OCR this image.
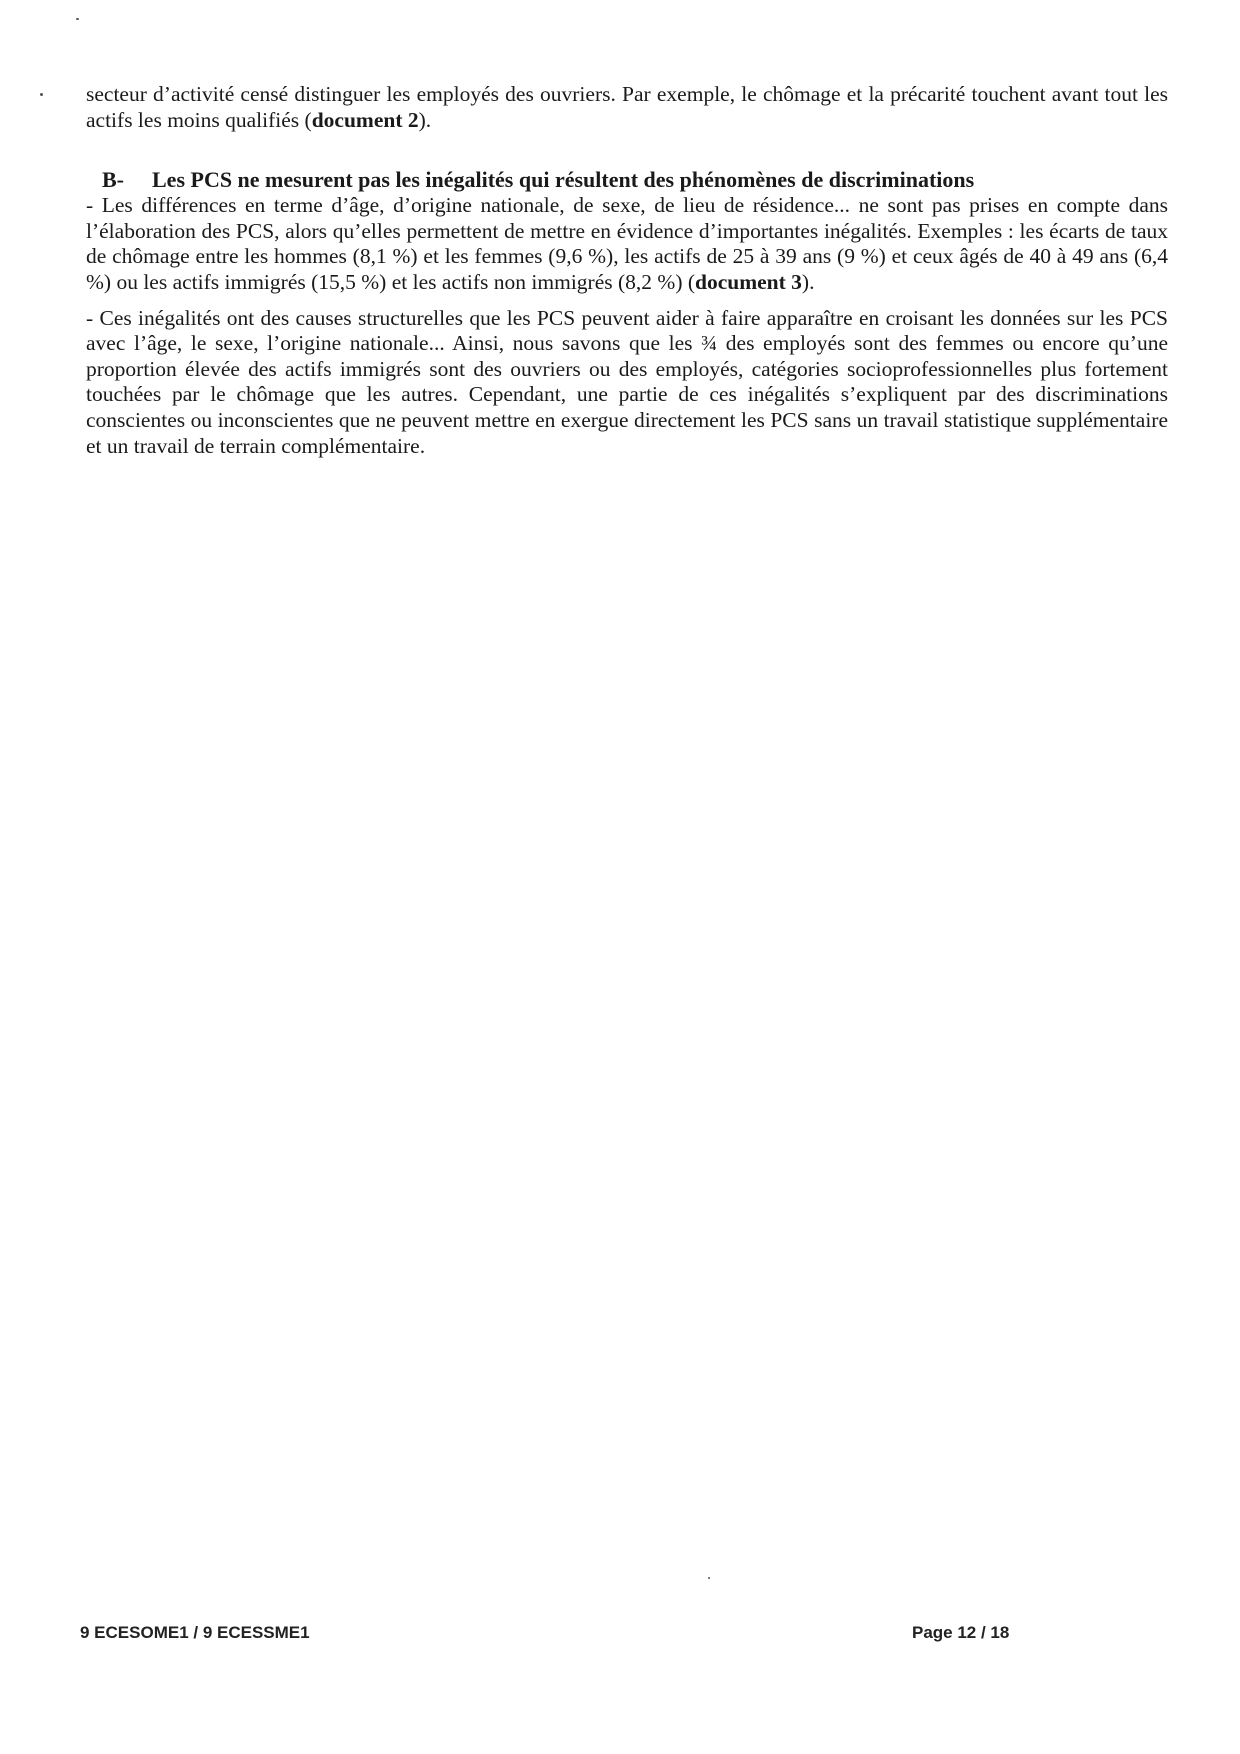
secteur d’activité censé distinguer les employés des ouvriers. Par exemple, le chômage et la précarité touchent avant tout les actifs les moins qualifiés (document 2).

B- Les PCS ne mesurent pas les inégalités qui résultent des phénomènes de discriminations

- Les différences en terme d’âge, d’origine nationale, de sexe, de lieu de résidence... ne sont pas prises en compte dans l’élaboration des PCS, alors qu’elles permettent de mettre en évidence d’importantes inégalités. Exemples : les écarts de taux de chômage entre les hommes (8,1 %) et les femmes (9,6 %), les actifs de 25 à 39 ans (9 %) et ceux âgés de 40 à 49 ans (6,4 %) ou les actifs immigrés (15,5 %) et les actifs non immigrés (8,2 %) (document 3).

- Ces inégalités ont des causes structurelles que les PCS peuvent aider à faire apparaître en croisant les données sur les PCS avec l’âge, le sexe, l’origine nationale... Ainsi, nous savons que les ¾ des employés sont des femmes ou encore qu’une proportion élevée des actifs immigrés sont des ouvriers ou des employés, catégories socioprofessionnelles plus fortement touchées par le chômage que les autres. Cependant, une partie de ces inégalités s’expliquent par des discriminations conscientes ou inconscientes que ne peuvent mettre en exergue directement les PCS sans un travail statistique supplémentaire et un travail de terrain complémentaire.

9 ECESOME1 / 9 ECESSME1	Page 12 / 18
